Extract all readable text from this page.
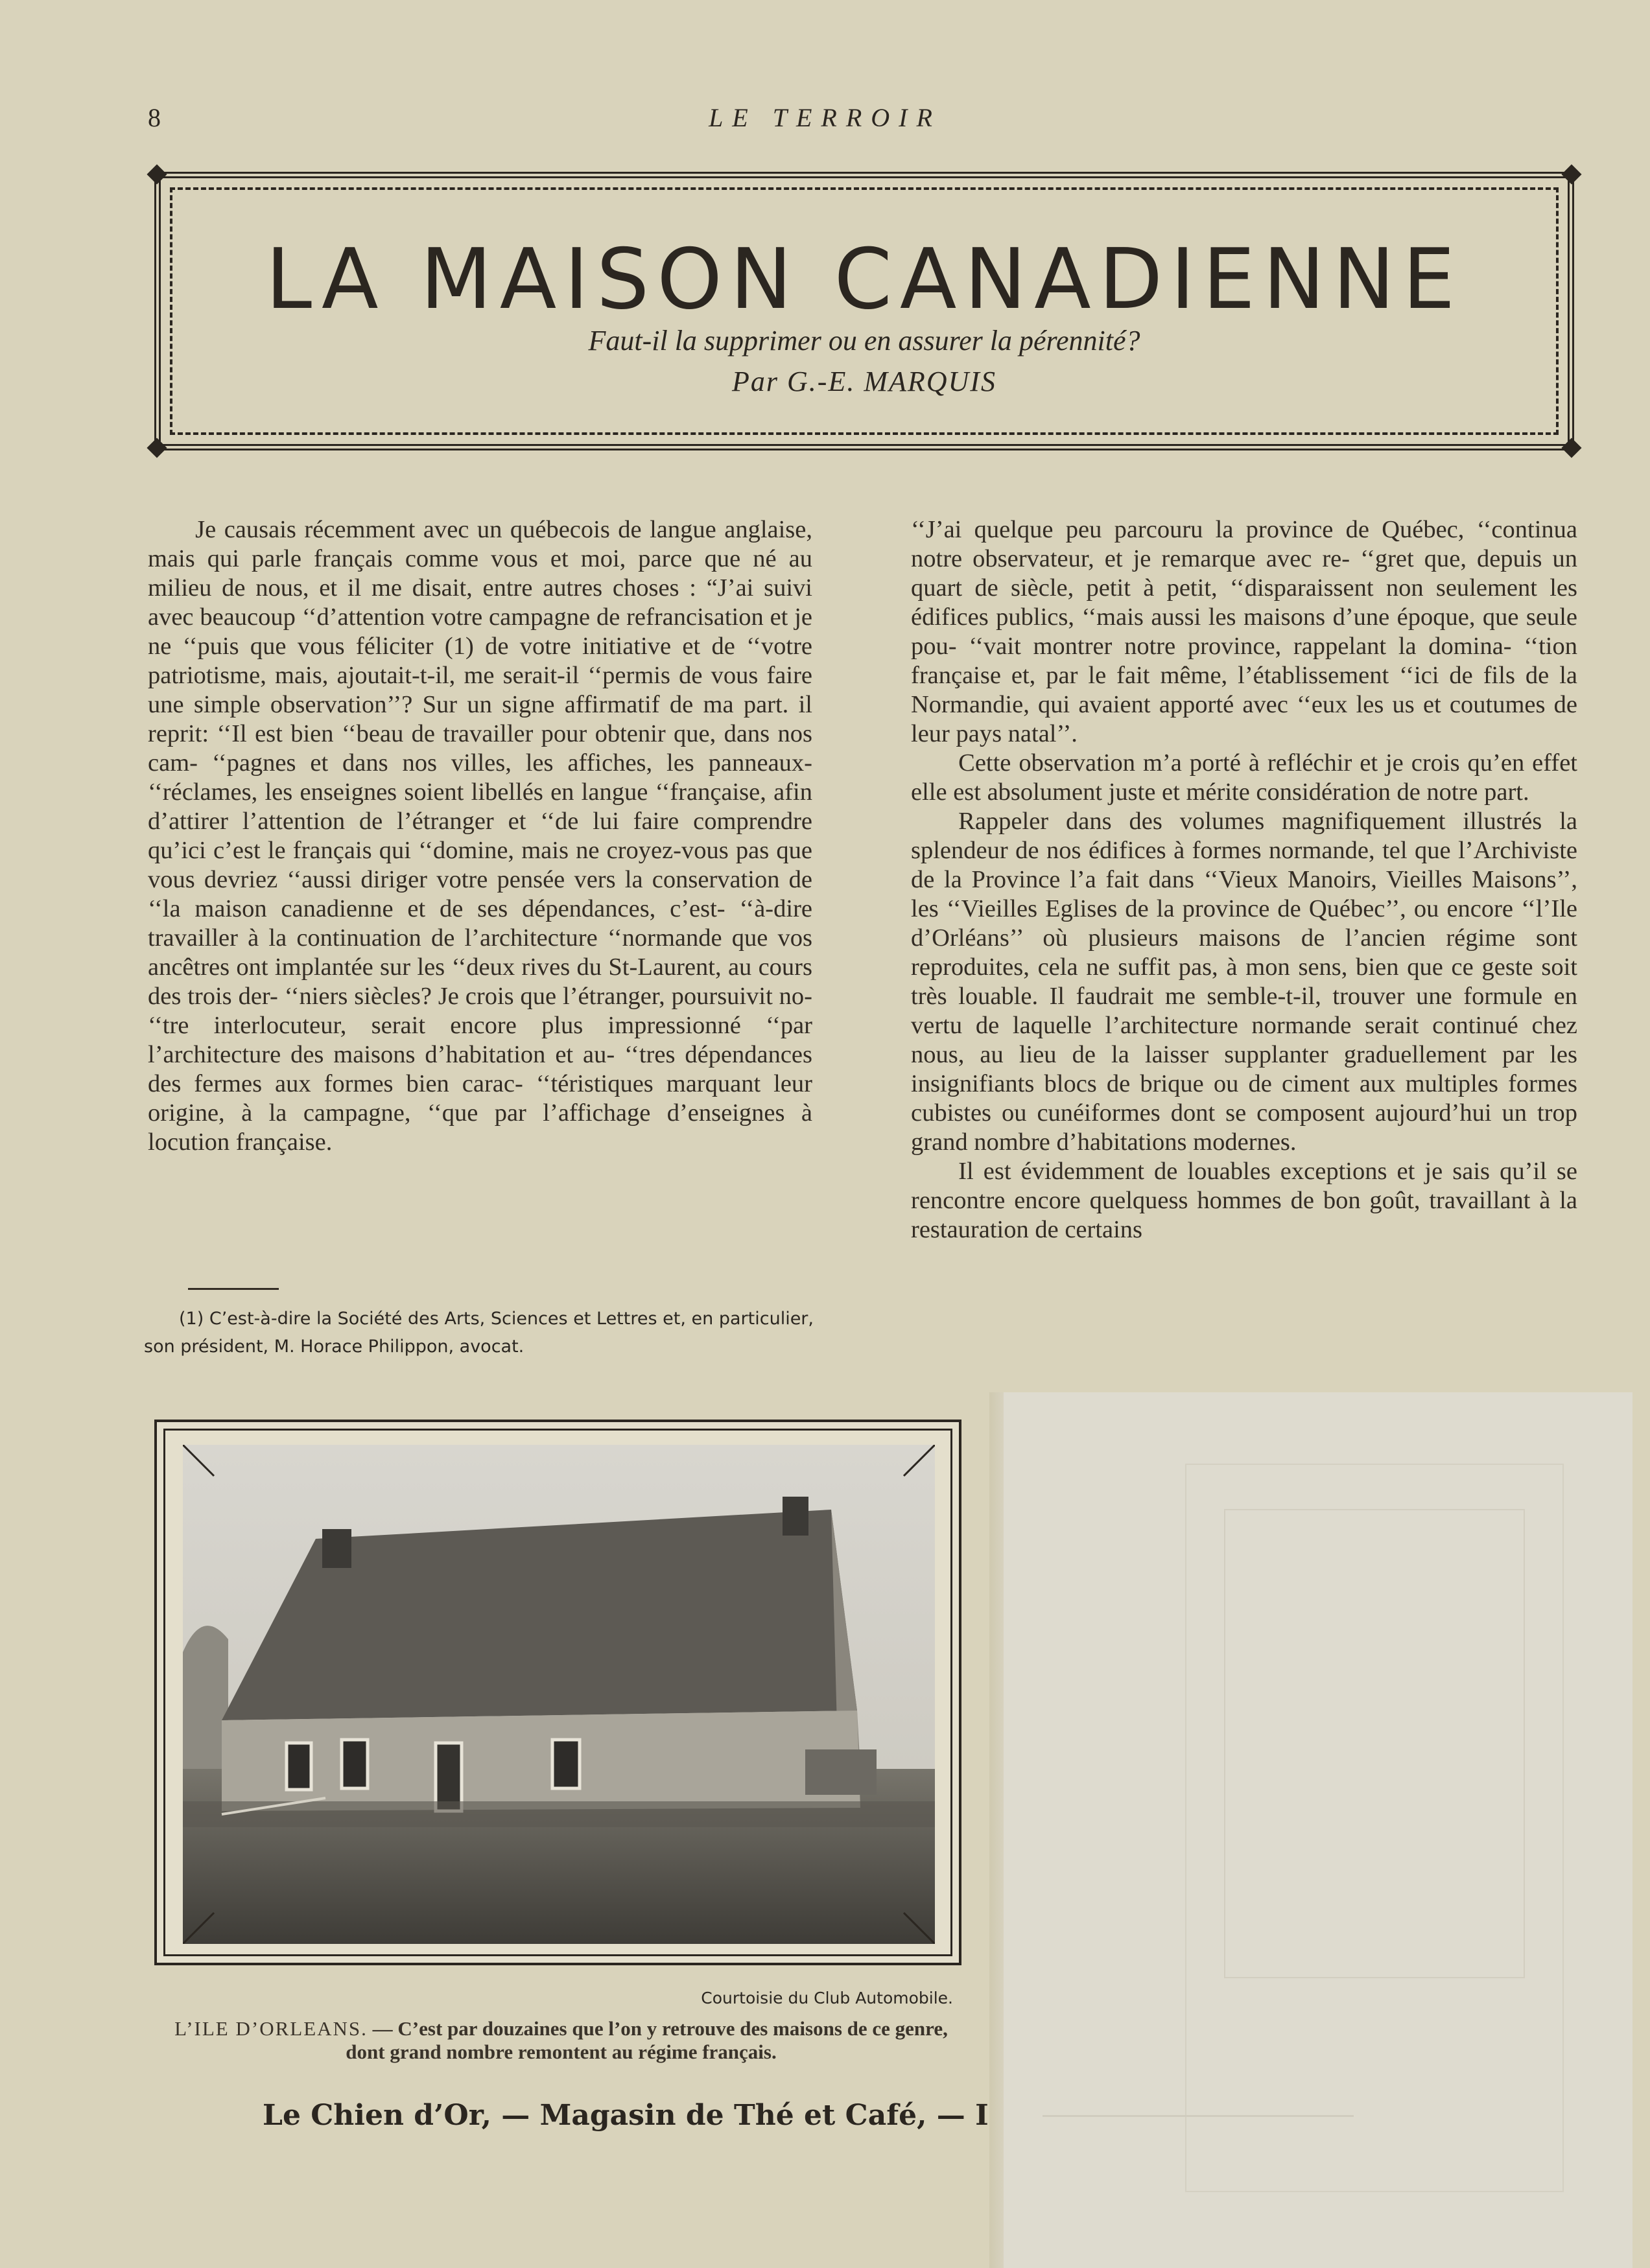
8	LE TERROIR
LA MAISON CANADIENNE
Faut-il la supprimer ou en assurer la pérennité?
Par G.-E. MARQUIS

Je causais récemment avec un québecois de langue anglaise, mais qui parle français comme vous et moi, parce que né au milieu de nous, et il me disait, entre autres choses : “J’ai suivi avec beaucoup ‘‘d’attention votre campagne de refrancisation et je ne ‘‘puis que vous féliciter (1) de votre initiative et de ‘‘votre patriotisme, mais, ajoutait-t-il, me serait-il ‘‘permis de vous faire une simple observation’’? Sur un signe affirmatif de ma part. il reprit: ‘‘Il est bien ‘‘beau de travailler pour obtenir que, dans nos cam- ‘‘pagnes et dans nos villes, les affiches, les panneaux- ‘‘réclames, les enseignes soient libellés en langue ‘‘française, afin d’attirer l’attention de l’étranger et ‘‘de lui faire comprendre qu’ici c’est le français qui ‘‘domine, mais ne croyez-vous pas que vous devriez ‘‘aussi diriger votre pensée vers la conservation de ‘‘la maison canadienne et de ses dépendances, c’est- ‘‘à-dire travailler à la continuation de l’architecture ‘‘normande que vos ancêtres ont implantée sur les ‘‘deux rives du St-Laurent, au cours des trois der- ‘‘niers siècles? Je crois que l’étranger, poursuivit no- ‘‘tre interlocuteur, serait encore plus impressionné ‘‘par l’architecture des maisons d’habitation et au- ‘‘tres dépendances des fermes aux formes bien carac- ‘‘téristiques marquant leur origine, à la campagne, ‘‘que par l’affichage d’enseignes à locution française.

(1) C’est-à-dire la Société des Arts, Sciences et Lettres et, en particulier, son président, M. Horace Philippon, avocat.

‘‘J’ai quelque peu parcouru la province de Québec, ‘‘continua notre observateur, et je remarque avec re- ‘‘gret que, depuis un quart de siècle, petit à petit, ‘‘disparaissent non seulement les édifices publics, ‘‘mais aussi les maisons d’une époque, que seule pou- ‘‘vait montrer notre province, rappelant la domina- ‘‘tion française et, par le fait même, l’établissement ‘‘ici de fils de la Normandie, qui avaient apporté avec ‘‘eux les us et coutumes de leur pays natal’’.

Cette observation m’a porté à refléchir et je crois qu’en effet elle est absolument juste et mérite considération de notre part.

Rappeler dans des volumes magnifiquement illustrés la splendeur de nos édifices à formes normande, tel que l’Archiviste de la Province l’a fait dans ‘‘Vieux Manoirs, Vieilles Maisons’’, les ‘‘Vieilles Eglises de la province de Québec’’, ou encore ‘‘l’Ile d’Orléans’’ où plusieurs maisons de l’ancien régime sont reproduites, cela ne suffit pas, à mon sens, bien que ce geste soit très louable. Il faudrait me semble-t-il, trouver une formule en vertu de laquelle l’architecture normande serait continué chez nous, au lieu de la laisser supplanter graduellement par les insignifiants blocs de brique ou de ciment aux multiples formes cubistes ou cunéiformes dont se composent aujourd’hui un trop grand nombre d’habitations modernes.

Il est évidemment de louables exceptions et je sais qu’il se rencontre encore quelquess hommes de bon goût, travaillant à la restauration de certains

Courtoisie du Club Automobile.
L’ILE D’ORLEANS. — C’est par douzaines que l’on y retrouve des maisons de ce genre, dont grand nombre remontent au régime français.
Le Chien d’Or, — Magasin de Thé et Café, — I
